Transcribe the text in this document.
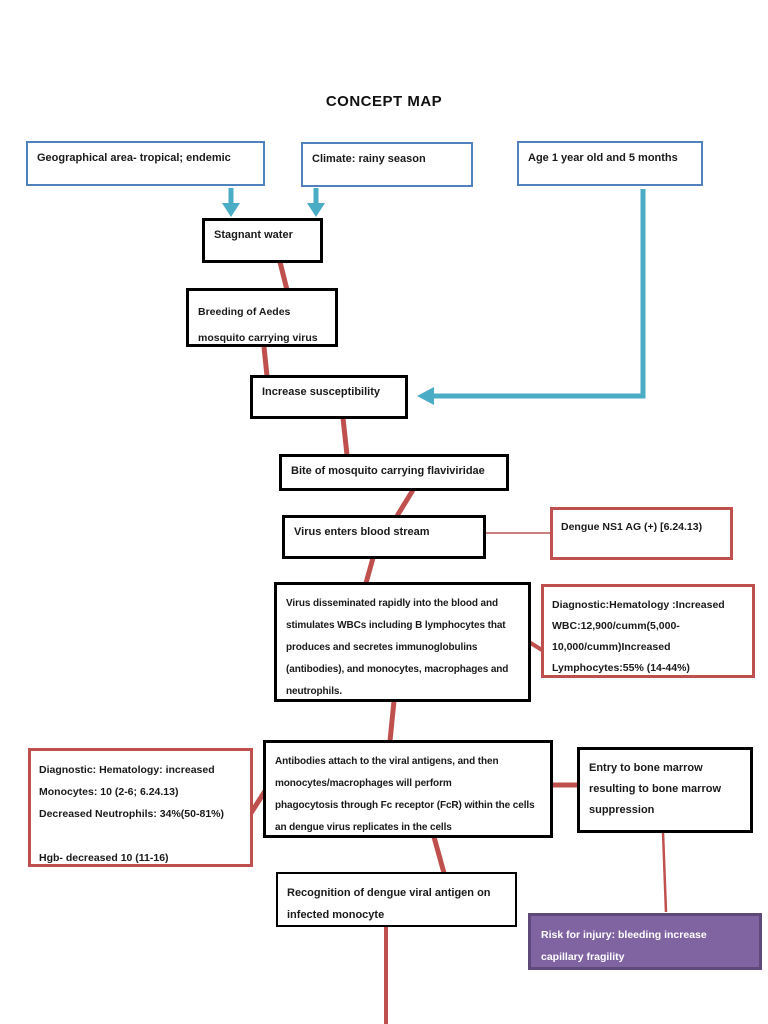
CONCEPT MAP
Geographical area- tropical; endemic	Climate: rainy season	Age 1 year old and 5 months
Stagnant water
Breeding of Aedes
mosquito carrying virus
Increase susceptibility
Bite of mosquito carrying flaviviridae
Virus enters blood stream	Dengue NS1 AG (+) [6.24.13)
Virus disseminated rapidly into the blood and
stimulates WBCs including B lymphocytes that
produces and secretes immunoglobulins
(antibodies), and monocytes, macrophages and
neutrophils.
Diagnostic:Hematology :Increased
WBC:12,900/cumm(5,000-
10,000/cumm)Increased
Lymphocytes:55% (14-44%)
Antibodies attach to the viral antigens, and then
monocytes/macrophages will perform
phagocytosis through Fc receptor (FcR) within the cells
an dengue virus replicates in the cells
Diagnostic: Hematology: increased
Monocytes: 10 (2-6; 6.24.13)
Decreased Neutrophils: 34%(50-81%)
Hgb- decreased 10 (11-16)
Entry to bone marrow
resulting to bone marrow
suppression
Recognition of dengue viral antigen on
infected monocyte
Risk for injury: bleeding increase
capillary fragility
